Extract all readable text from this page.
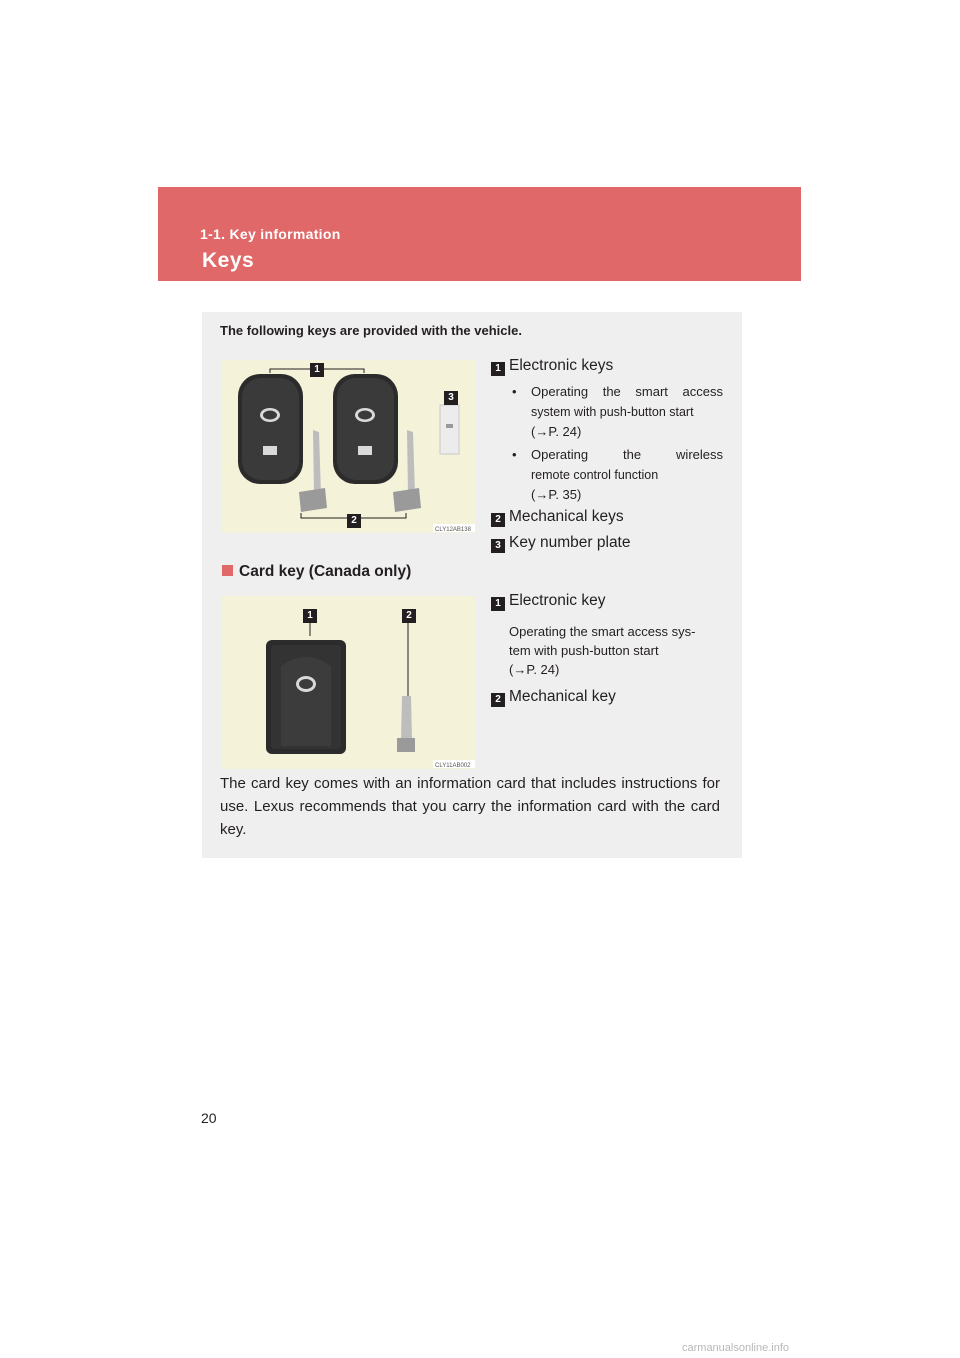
1-1. Key information
Keys
The following keys are provided with the vehicle.
CLY12AB138
1
2
3
1 Electronic keys
• Operating the smart access
system with push-button start
(→P. 24)
• Operating the wireless
remote control function
(→P. 35)
2 Mechanical keys
3 Key number plate
Card key (Canada only)
CLY11AB002
1	2
1 Electronic key
Operating the smart access sys-
tem with push-button start
(→P. 24)
2 Mechanical key
The card key comes with an information card that includes instructions for use. Lexus recommends that you carry the information card with the card key.
20
carmanualsonline.info
